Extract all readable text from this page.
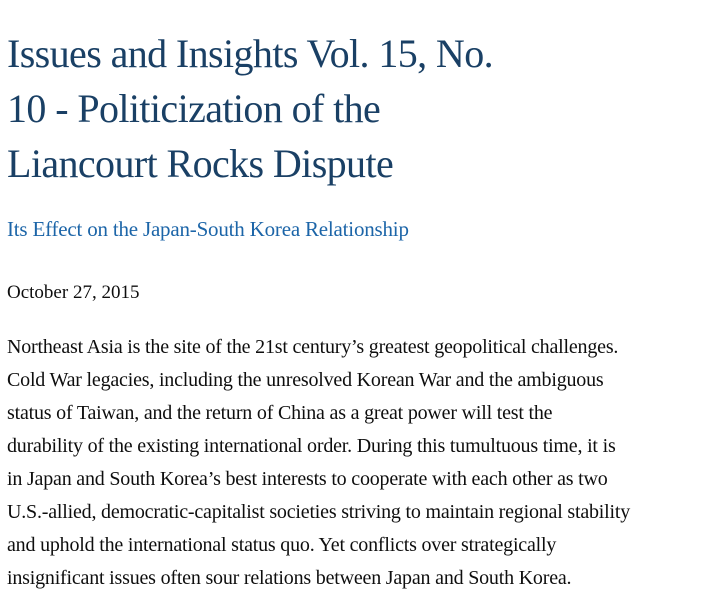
Issues and Insights Vol. 15, No.
10 - Politicization of the
Liancourt Rocks Dispute
Its Effect on the Japan-South Korea Relationship
October 27, 2015
Northeast Asia is the site of the 21st century’s greatest geopolitical challenges.
Cold War legacies, including the unresolved Korean War and the ambiguous
status of Taiwan, and the return of China as a great power will test the
durability of the existing international order. During this tumultuous time, it is
in Japan and South Korea’s best interests to cooperate with each other as two
U.S.-allied, democratic-capitalist societies striving to maintain regional stability
and uphold the international status quo. Yet conflicts over strategically
insignificant issues often sour relations between Japan and South Korea.
